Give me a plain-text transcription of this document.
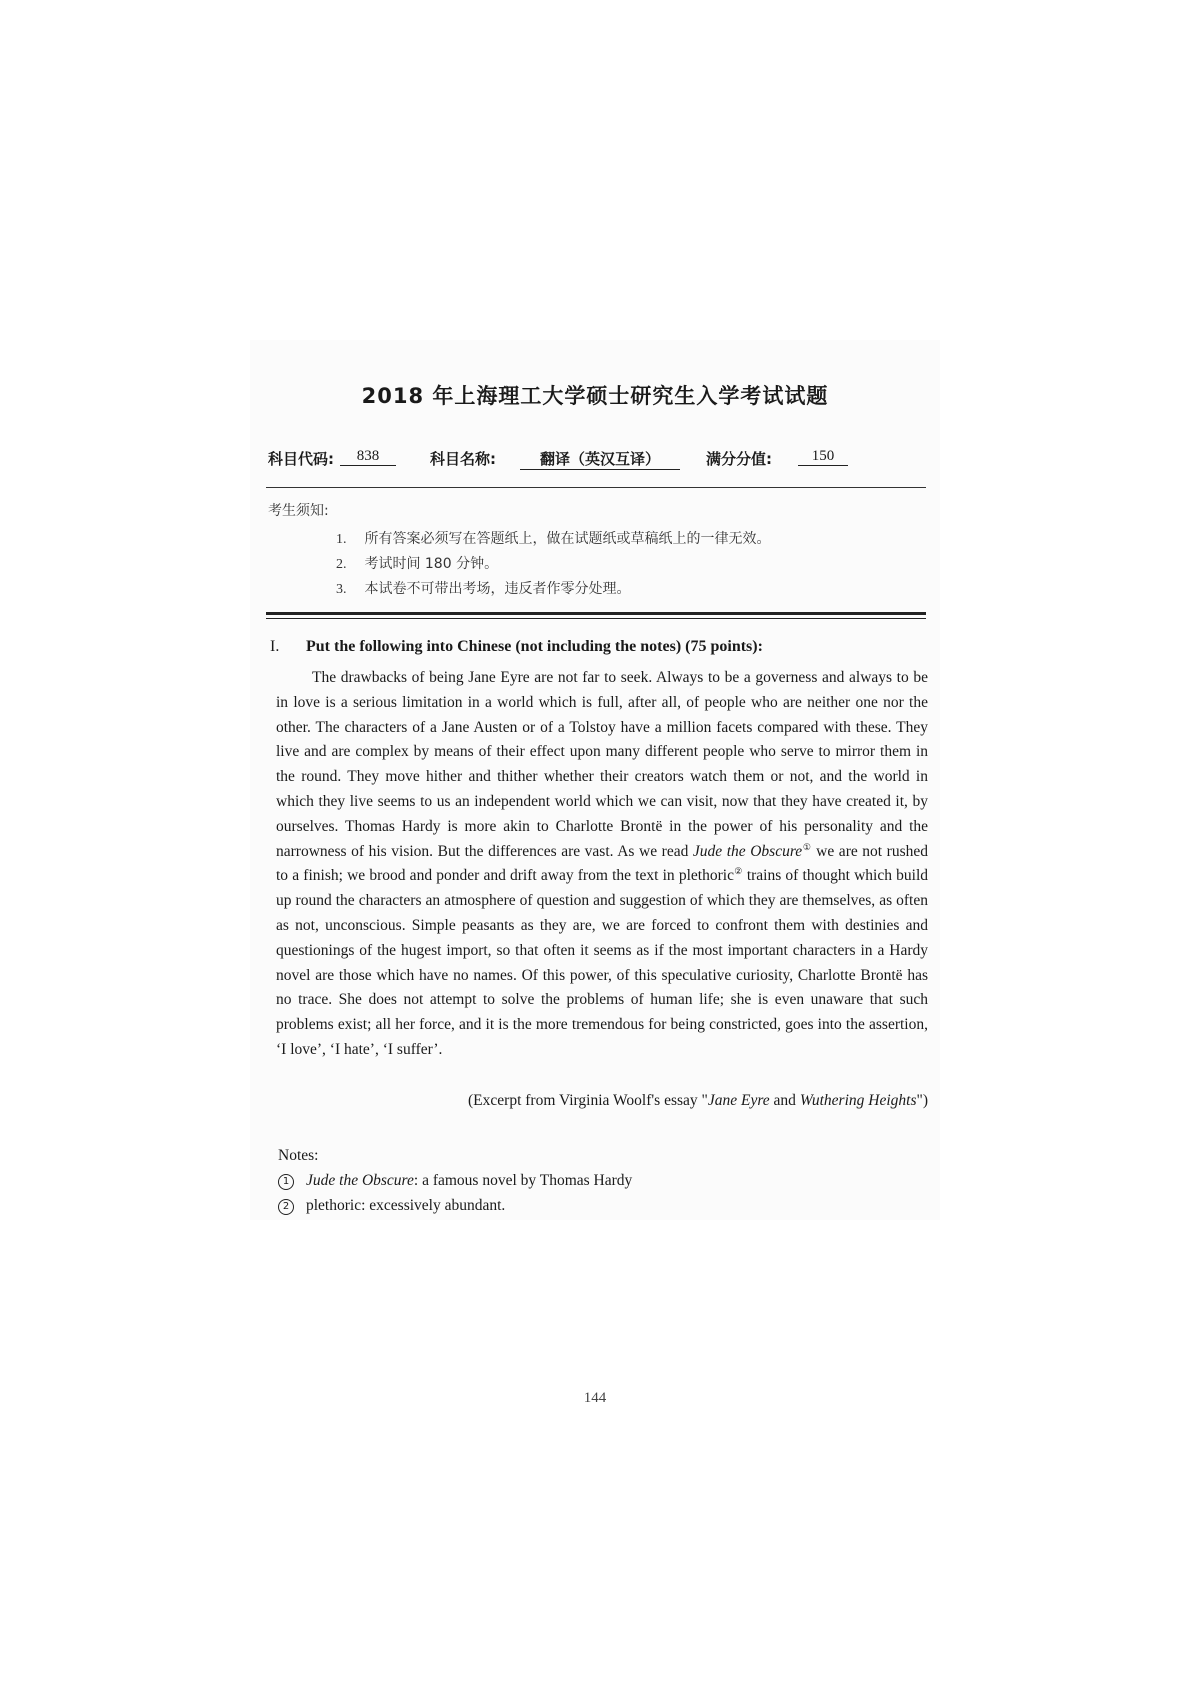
2018 年上海理工大学硕士研究生入学考试试题
科目代码:	838	科目名称:	翻译（英汉互译）	满分分值:	150
考生须知:
1. 所有答案必须写在答题纸上，做在试题纸或草稿纸上的一律无效。
2. 考试时间 180 分钟。
3. 本试卷不可带出考场，违反者作零分处理。
I. Put the following into Chinese (not including the notes) (75 points):

The drawbacks of being Jane Eyre are not far to seek. Always to be a governess and always to be in love is a serious limitation in a world which is full, after all, of people who are neither one nor the other. The characters of a Jane Austen or of a Tolstoy have a million facets compared with these. They live and are complex by means of their effect upon many different people who serve to mirror them in the round. They move hither and thither whether their creators watch them or not, and the world in which they live seems to us an independent world which we can visit, now that they have created it, by ourselves. Thomas Hardy is more akin to Charlotte Brontë in the power of his personality and the narrowness of his vision. But the differences are vast. As we read Jude the Obscure① we are not rushed to a finish; we brood and ponder and drift away from the text in plethoric② trains of thought which build up round the characters an atmosphere of question and suggestion of which they are themselves, as often as not, unconscious. Simple peasants as they are, we are forced to confront them with destinies and questionings of the hugest import, so that often it seems as if the most important characters in a Hardy novel are those which have no names. Of this power, of this speculative curiosity, Charlotte Brontë has no trace. She does not attempt to solve the problems of human life; she is even unaware that such problems exist; all her force, and it is the more tremendous for being constricted, goes into the assertion, ‘I love’, ‘I hate’, ‘I suffer’.

(Excerpt from Virginia Woolf's essay "Jane Eyre and Wuthering Heights")
Notes:
1 Jude the Obscure: a famous novel by Thomas Hardy
2 plethoric: excessively abundant.
144
